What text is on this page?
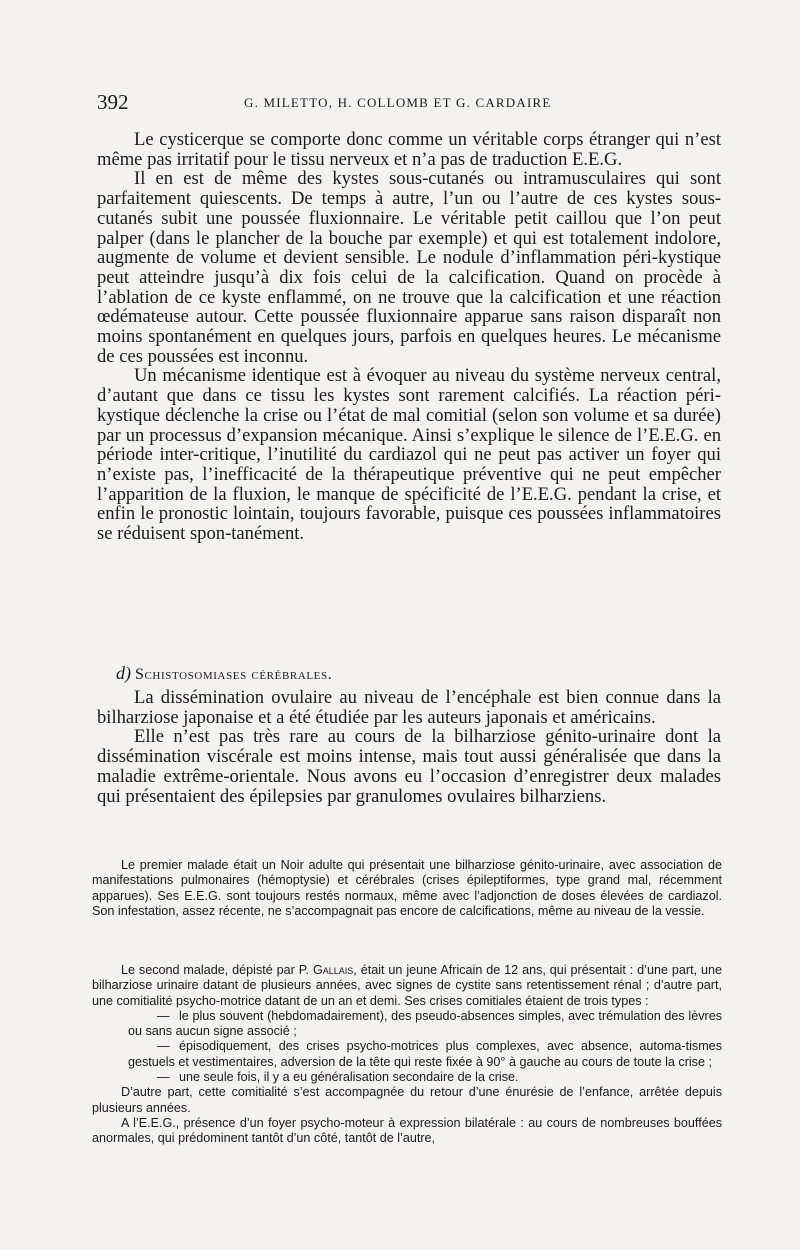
392	G. MILETTO, H. COLLOMB ET G. CARDAIRE

Le cysticerque se comporte donc comme un véritable corps étranger qui n’est même pas irritatif pour le tissu nerveux et n’a pas de traduction E.E.G.

Il en est de même des kystes sous-cutanés ou intramusculaires qui sont parfaitement quiescents. De temps à autre, l’un ou l’autre de ces kystes sous-cutanés subit une poussée fluxionnaire. Le véritable petit caillou que l’on peut palper (dans le plancher de la bouche par exemple) et qui est totalement indolore, augmente de volume et devient sensible. Le nodule d’inflammation péri-kystique peut atteindre jusqu’à dix fois celui de la calcification. Quand on procède à l’ablation de ce kyste enflammé, on ne trouve que la calcification et une réaction œdémateuse autour. Cette poussée fluxionnaire apparue sans raison disparaît non moins spontanément en quelques jours, parfois en quelques heures. Le mécanisme de ces poussées est inconnu.

Un mécanisme identique est à évoquer au niveau du système nerveux central, d’autant que dans ce tissu les kystes sont rarement calcifiés. La réaction péri-kystique déclenche la crise ou l’état de mal comitial (selon son volume et sa durée) par un processus d’expansion mécanique. Ainsi s’explique le silence de l’E.E.G. en période inter-critique, l’inutilité du cardiazol qui ne peut pas activer un foyer qui n’existe pas, l’inefficacité de la thérapeutique préventive qui ne peut empêcher l’apparition de la fluxion, le manque de spécificité de l’E.E.G. pendant la crise, et enfin le pronostic lointain, toujours favorable, puisque ces poussées inflammatoires se réduisent spon-tanément.

d) Schistosomiases cérébrales.

La dissémination ovulaire au niveau de l’encéphale est bien connue dans la bilharziose japonaise et a été étudiée par les auteurs japonais et américains.

Elle n’est pas très rare au cours de la bilharziose génito-urinaire dont la dissémination viscérale est moins intense, mais tout aussi généralisée que dans la maladie extrême-orientale. Nous avons eu l’occasion d’enregistrer deux malades qui présentaient des épilepsies par granulomes ovulaires bilharziens.

Le premier malade était un Noir adulte qui présentait une bilharziose génito-urinaire, avec association de manifestations pulmonaires (hémoptysie) et cérébrales (crises épileptiformes, type grand mal, récemment apparues). Ses E.E.G. sont toujours restés normaux, même avec l’adjonction de doses élevées de cardiazol. Son infestation, assez récente, ne s’accompagnait pas encore de calcifications, même au niveau de la vessie.

Le second malade, dépisté par P. Gallais, était un jeune Africain de 12 ans, qui présentait : d’une part, une bilharziose urinaire datant de plusieurs années, avec signes de cystite sans retentissement rénal ; d’autre part, une comitialité psycho-motrice datant de un an et demi. Ses crises comitiales étaient de trois types :

— le plus souvent (hebdomadairement), des pseudo-absences simples, avec trémulation des lèvres ou sans aucun signe associé ;

— épisodiquement, des crises psycho-motrices plus complexes, avec absence, automa-tismes gestuels et vestimentaires, adversion de la tête qui reste fixée à 90° à gauche au cours de toute la crise ;

— une seule fois, il y a eu généralisation secondaire de la crise.

D’autre part, cette comitialité s’est accompagnée du retour d’une énurésie de l’enfance, arrêtée depuis plusieurs années.

A l’E.E.G., présence d’un foyer psycho-moteur à expression bilatérale : au cours de nombreuses bouffées anormales, qui prédominent tantôt d’un côté, tantôt de l’autre,
